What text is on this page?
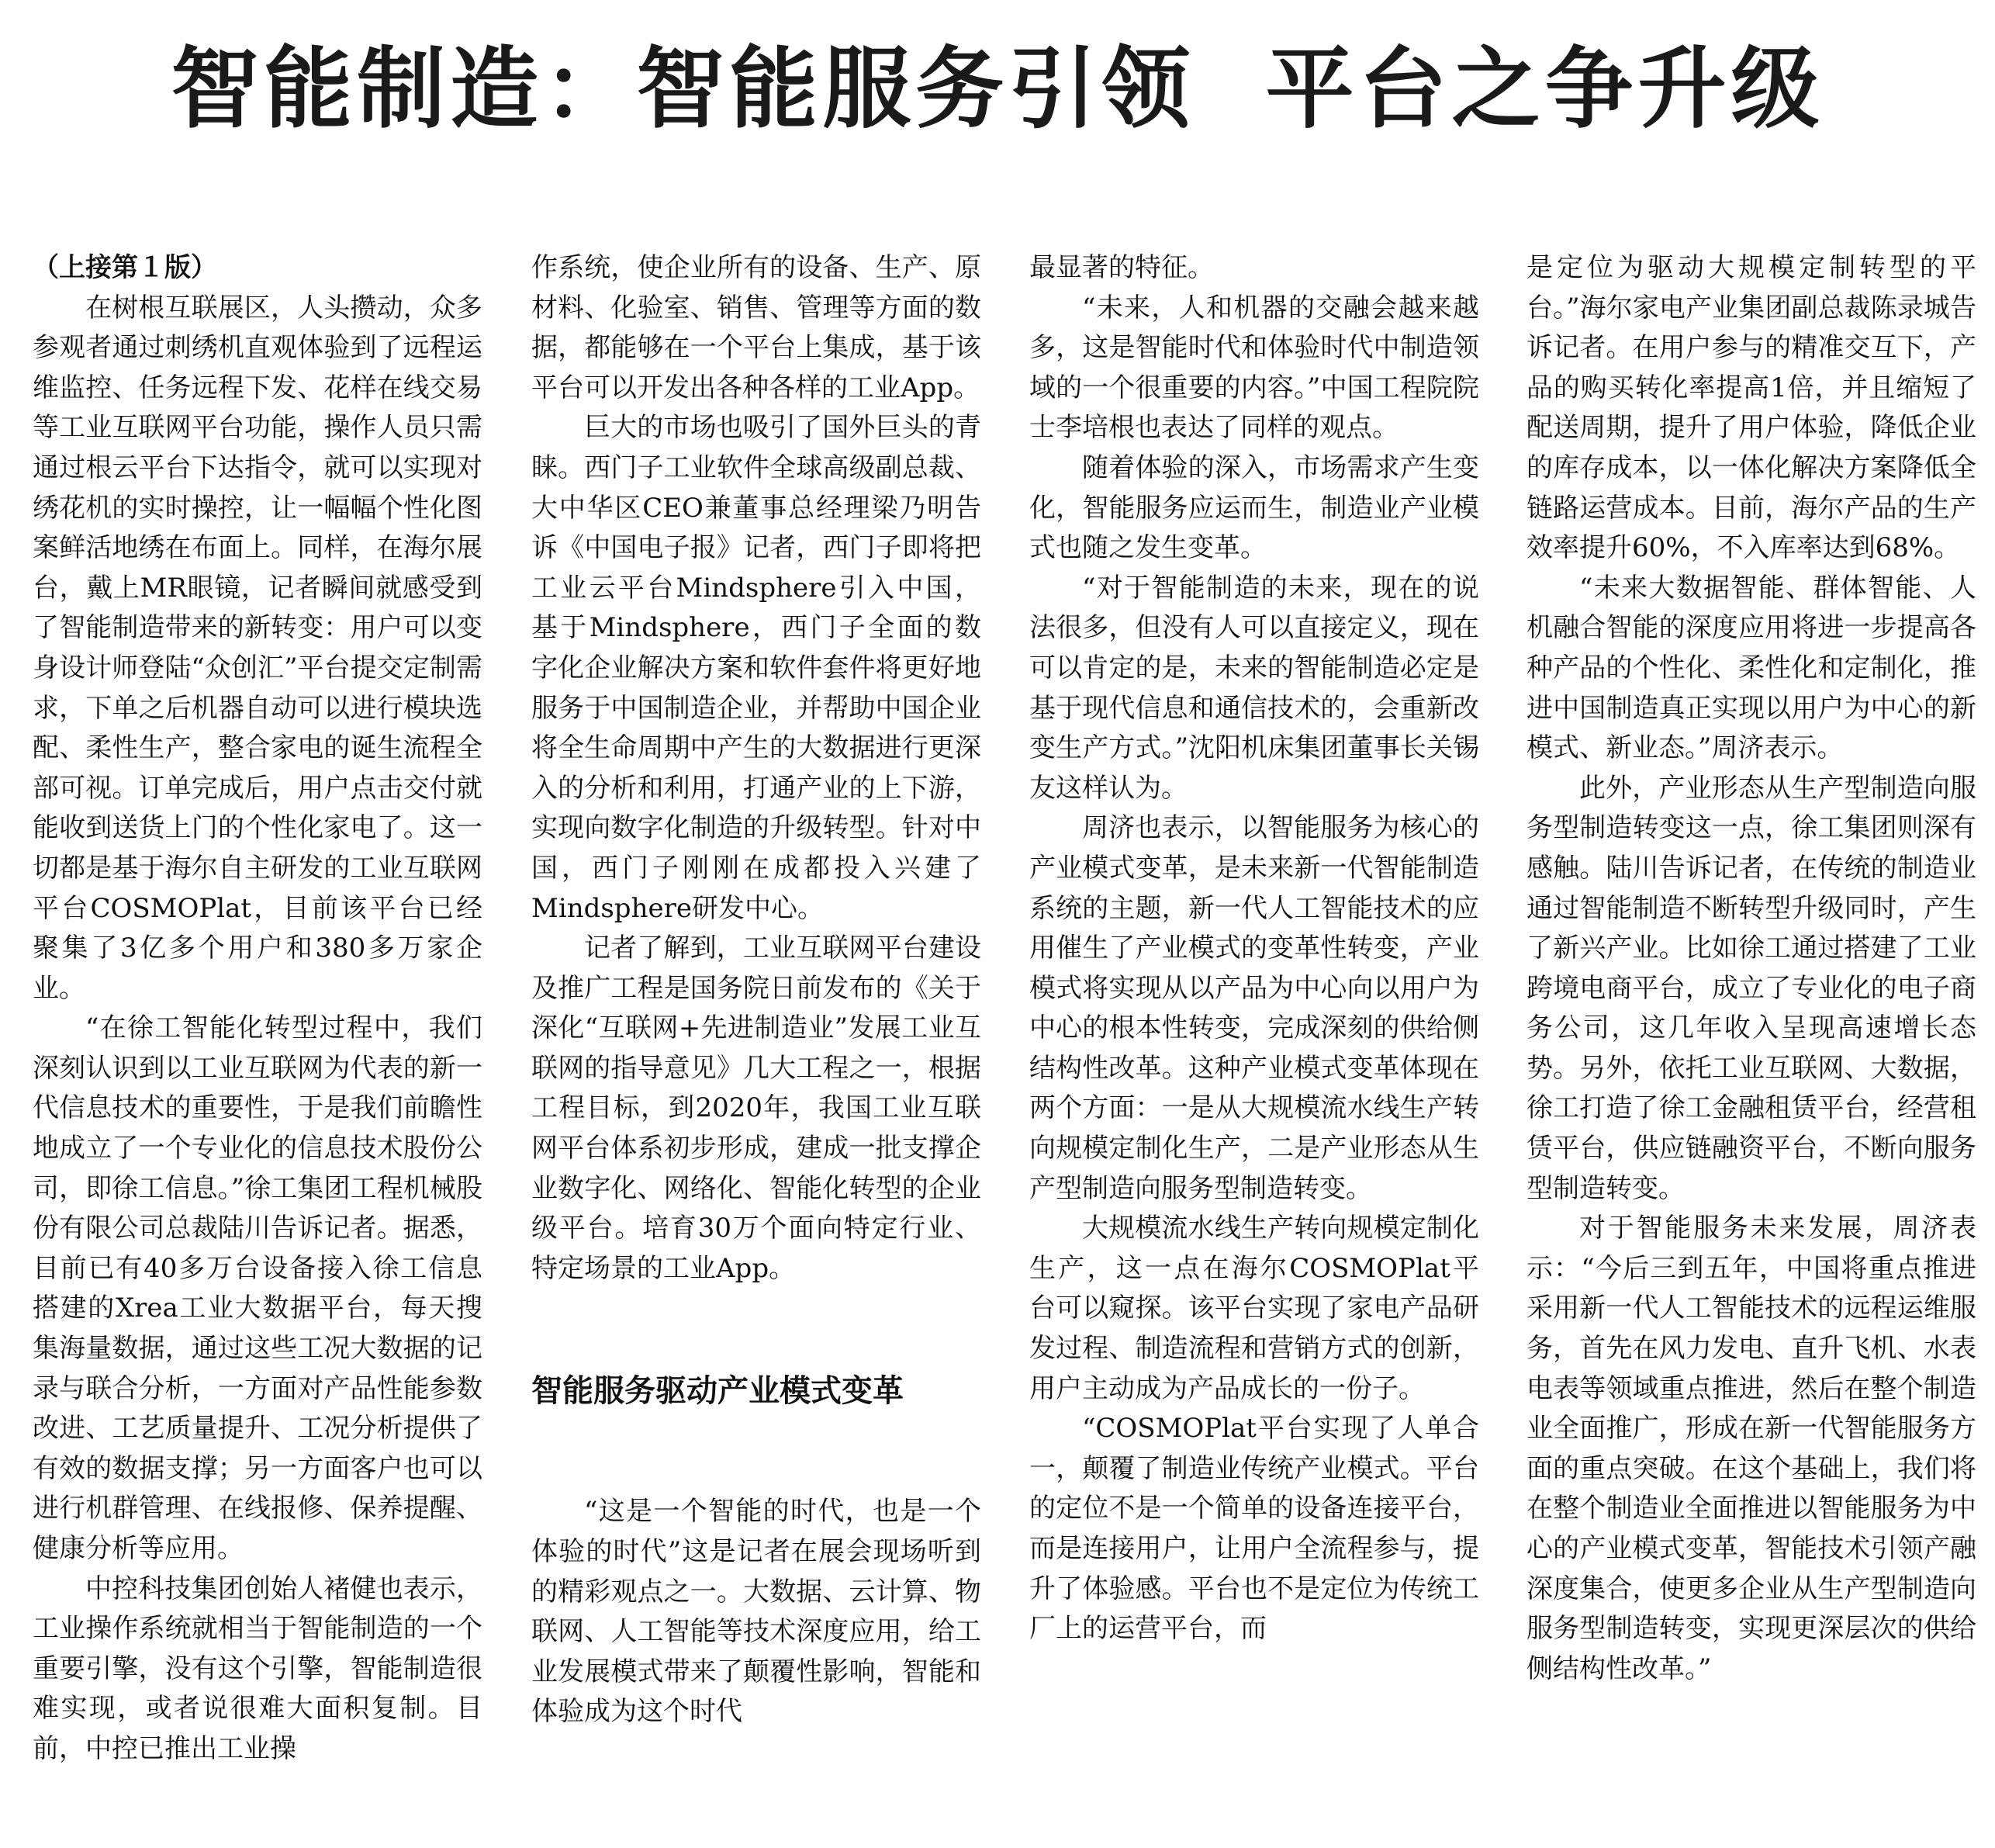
智能制造：智能服务引领  平台之争升级

（上接第１版）

在树根互联展区，人头攒动，众多参观者通过刺绣机直观体验到了远程运维监控、任务远程下发、花样在线交易等工业互联网平台功能，操作人员只需通过根云平台下达指令，就可以实现对绣花机的实时操控，让一幅幅个性化图案鲜活地绣在布面上。同样，在海尔展台，戴上MR眼镜，记者瞬间就感受到了智能制造带来的新转变：用户可以变身设计师登陆“众创汇”平台提交定制需求，下单之后机器自动可以进行模块选配、柔性生产，整合家电的诞生流程全部可视。订单完成后，用户点击交付就能收到送货上门的个性化家电了。这一切都是基于海尔自主研发的工业互联网平台COSMOPlat，目前该平台已经聚集了3亿多个用户和380多万家企业。

“在徐工智能化转型过程中，我们深刻认识到以工业互联网为代表的新一代信息技术的重要性，于是我们前瞻性地成立了一个专业化的信息技术股份公司，即徐工信息。”徐工集团工程机械股份有限公司总裁陆川告诉记者。据悉，目前已有40多万台设备接入徐工信息搭建的Xrea工业大数据平台，每天搜集海量数据，通过这些工况大数据的记录与联合分析，一方面对产品性能参数改进、工艺质量提升、工况分析提供了有效的数据支撑；另一方面客户也可以进行机群管理、在线报修、保养提醒、健康分析等应用。

中控科技集团创始人褚健也表示，工业操作系统就相当于智能制造的一个重要引擎，没有这个引擎，智能制造很难实现，或者说很难大面积复制。目前，中控已推出工业操

作系统，使企业所有的设备、生产、原材料、化验室、销售、管理等方面的数据，都能够在一个平台上集成，基于该平台可以开发出各种各样的工业App。

巨大的市场也吸引了国外巨头的青睐。西门子工业软件全球高级副总裁、大中华区CEO兼董事总经理梁乃明告诉《中国电子报》记者，西门子即将把工业云平台Mindsphere引入中国，基于Mindsphere，西门子全面的数字化企业解决方案和软件套件将更好地服务于中国制造企业，并帮助中国企业将全生命周期中产生的大数据进行更深入的分析和利用，打通产业的上下游，实现向数字化制造的升级转型。针对中国，西门子刚刚在成都投入兴建了Mindsphere研发中心。

记者了解到，工业互联网平台建设及推广工程是国务院日前发布的《关于深化“互联网+先进制造业”发展工业互联网的指导意见》几大工程之一，根据工程目标，到2020年，我国工业互联网平台体系初步形成，建成一批支撑企业数字化、网络化、智能化转型的企业级平台。培育30万个面向特定行业、特定场景的工业App。

智能服务驱动产业模式变革

“这是一个智能的时代，也是一个体验的时代”这是记者在展会现场听到的精彩观点之一。大数据、云计算、物联网、人工智能等技术深度应用，给工业发展模式带来了颠覆性影响，智能和体验成为这个时代

最显著的特征。

“未来，人和机器的交融会越来越多，这是智能时代和体验时代中制造领域的一个很重要的内容。”中国工程院院士李培根也表达了同样的观点。

随着体验的深入，市场需求产生变化，智能服务应运而生，制造业产业模式也随之发生变革。

“对于智能制造的未来，现在的说法很多，但没有人可以直接定义，现在可以肯定的是，未来的智能制造必定是基于现代信息和通信技术的，会重新改变生产方式。”沈阳机床集团董事长关锡友这样认为。

周济也表示，以智能服务为核心的产业模式变革，是未来新一代智能制造系统的主题，新一代人工智能技术的应用催生了产业模式的变革性转变，产业模式将实现从以产品为中心向以用户为中心的根本性转变，完成深刻的供给侧结构性改革。这种产业模式变革体现在两个方面：一是从大规模流水线生产转向规模定制化生产，二是产业形态从生产型制造向服务型制造转变。

大规模流水线生产转向规模定制化生产，这一点在海尔COSMOPlat平台可以窥探。该平台实现了家电产品研发过程、制造流程和营销方式的创新，用户主动成为产品成长的一份子。

“COSMOPlat平台实现了人单合一，颠覆了制造业传统产业模式。平台的定位不是一个简单的设备连接平台，而是连接用户，让用户全流程参与，提升了体验感。平台也不是定位为传统工厂上的运营平台，而

是定位为驱动大规模定制转型的平台。”海尔家电产业集团副总裁陈录城告诉记者。在用户参与的精准交互下，产品的购买转化率提高1倍，并且缩短了配送周期，提升了用户体验，降低企业的库存成本，以一体化解决方案降低全链路运营成本。目前，海尔产品的生产效率提升60%，不入库率达到68%。

“未来大数据智能、群体智能、人机融合智能的深度应用将进一步提高各种产品的个性化、柔性化和定制化，推进中国制造真正实现以用户为中心的新模式、新业态。”周济表示。

此外，产业形态从生产型制造向服务型制造转变这一点，徐工集团则深有感触。陆川告诉记者，在传统的制造业通过智能制造不断转型升级同时，产生了新兴产业。比如徐工通过搭建了工业跨境电商平台，成立了专业化的电子商务公司，这几年收入呈现高速增长态势。另外，依托工业互联网、大数据，徐工打造了徐工金融租赁平台，经营租赁平台，供应链融资平台，不断向服务型制造转变。

对于智能服务未来发展，周济表示：“今后三到五年，中国将重点推进采用新一代人工智能技术的远程运维服务，首先在风力发电、直升飞机、水表电表等领域重点推进，然后在整个制造业全面推广，形成在新一代智能服务方面的重点突破。在这个基础上，我们将在整个制造业全面推进以智能服务为中心的产业模式变革，智能技术引领产融深度集合，使更多企业从生产型制造向服务型制造转变，实现更深层次的供给侧结构性改革。”
